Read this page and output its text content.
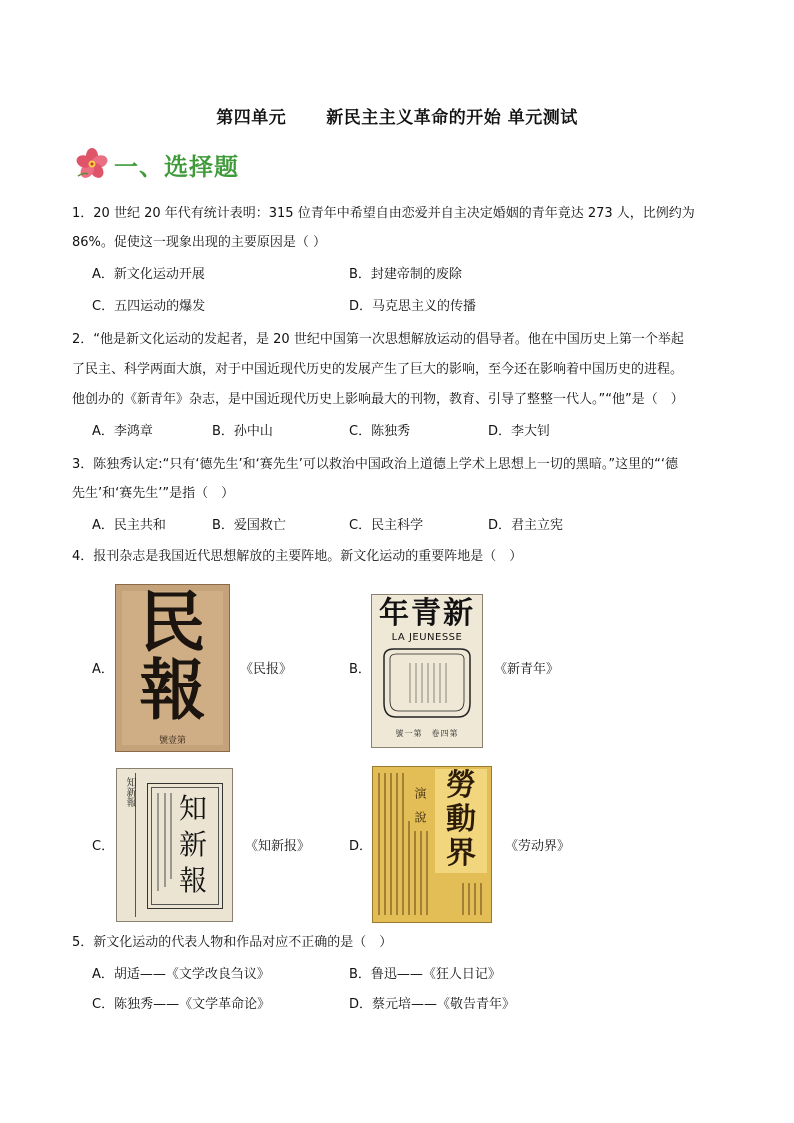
第四单元 新民主主义革命的开始 单元测试
一、选择题
1．20 世纪 20 年代有统计表明：315 位青年中希望自由恋爱并自主决定婚姻的青年竟达 273 人，比例约为
86%。促使这一现象出现的主要原因是（ ）
A．新文化运动开展	B．封建帝制的废除
C．五四运动的爆发	D．马克思主义的传播
2．“他是新文化运动的发起者，是 20 世纪中国第一次思想解放运动的倡导者。他在中国历史上第一个举起
了民主、科学两面大旗，对于中国近现代历史的发展产生了巨大的影响，至今还在影响着中国历史的进程。
他创办的《新青年》杂志，是中国近现代历史上影响最大的刊物，教育、引导了整整一代人。”“他”是（　）
A．李鸿章	B．孙中山	C．陈独秀	D．李大钊
3．陈独秀认定:“只有‘德先生’和‘赛先生’可以救治中国政治上道德上学术上思想上一切的黑暗。”这里的“‘德
先生’和‘赛先生’”是指（　）
A．民主共和	B．爱国救亡	C．民主科学	D．君主立宪
4．报刊杂志是我国近代思想解放的主要阵地。新文化运动的重要阵地是（　）
A．
民
報
號壹第
《民报》	B．
年青新
LA JEUNESSE
號一第　卷四第
《新青年》
C．
知新報 知
新
報
《知新报》	D．
演　說
勞
動
界	《劳动界》
5．新文化运动的代表人物和作品对应不正确的是（　）
A．胡适——《文学改良刍议》	B．鲁迅——《狂人日记》
C．陈独秀——《文学革命论》	D．蔡元培——《敬告青年》
